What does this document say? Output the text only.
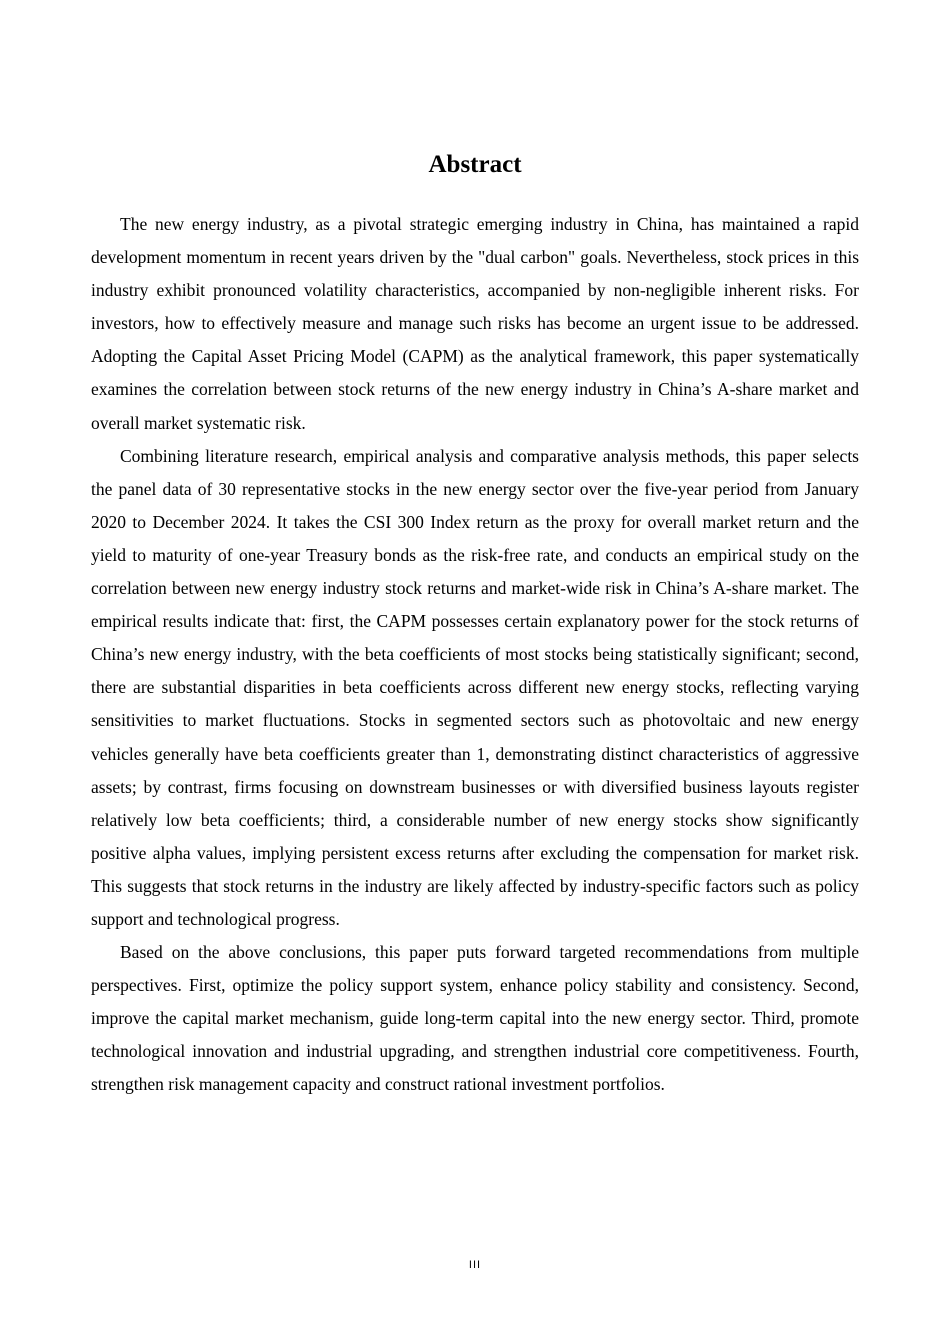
Abstract

The new energy industry, as a pivotal strategic emerging industry in China, has maintained a rapid development momentum in recent years driven by the "dual carbon" goals. Nevertheless, stock prices in this industry exhibit pronounced volatility characteristics, accompanied by non-negligible inherent risks. For investors, how to effectively measure and manage such risks has become an urgent issue to be addressed. Adopting the Capital Asset Pricing Model (CAPM) as the analytical framework, this paper systematically examines the correlation between stock returns of the new energy industry in China’s A-share market and overall market systematic risk.

Combining literature research, empirical analysis and comparative analysis methods, this paper selects the panel data of 30 representative stocks in the new energy sector over the five-year period from January 2020 to December 2024. It takes the CSI 300 Index return as the proxy for overall market return and the yield to maturity of one-year Treasury bonds as the risk-free rate, and conducts an empirical study on the correlation between new energy industry stock returns and market-wide risk in China’s A-share market. The empirical results indicate that: first, the CAPM possesses certain explanatory power for the stock returns of China’s new energy industry, with the beta coefficients of most stocks being statistically significant; second, there are substantial disparities in beta coefficients across different new energy stocks, reflecting varying sensitivities to market fluctuations. Stocks in segmented sectors such as photovoltaic and new energy vehicles generally have beta coefficients greater than 1, demonstrating distinct characteristics of aggressive assets; by contrast, firms focusing on downstream businesses or with diversified business layouts register relatively low beta coefficients; third, a considerable number of new energy stocks show significantly positive alpha values, implying persistent excess returns after excluding the compensation for market risk. This suggests that stock returns in the industry are likely affected by industry-specific factors such as policy support and technological progress.

Based on the above conclusions, this paper puts forward targeted recommendations from multiple perspectives. First, optimize the policy support system, enhance policy stability and consistency. Second, improve the capital market mechanism, guide long-term capital into the new energy sector. Third, promote technological innovation and industrial upgrading, and strengthen industrial core competitiveness. Fourth, strengthen risk management capacity and construct rational investment portfolios.

III
